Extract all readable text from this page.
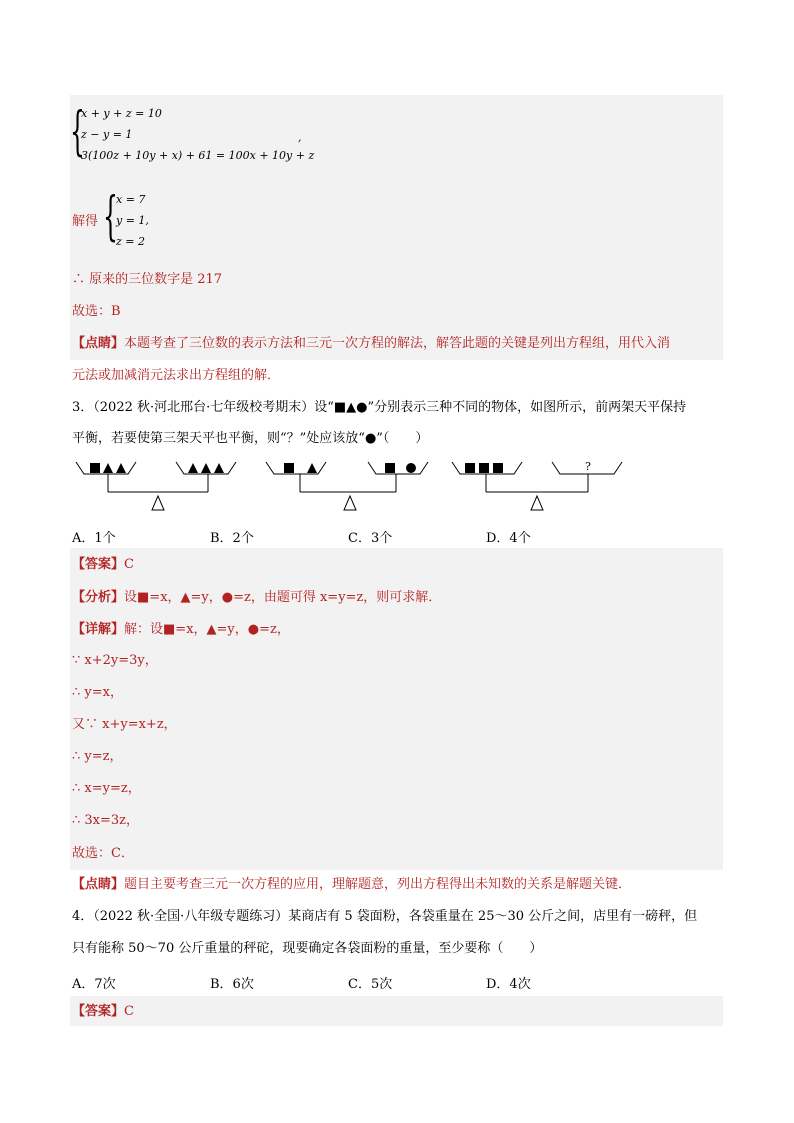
{
x + y + z = 10
z − y = 1
3(100z + 10y + x) + 61 = 100x + 10y + z
,
解得 {
x = 7
y = 1,
z = 2
∴ 原来的三位数字是 217
故选：B
【点睛】本题考查了三位数的表示方法和三元一次方程的解法，解答此题的关键是列出方程组，用代入消
元法或加减消元法求出方程组的解．
3．（2022 秋·河北邢台·七年级校考期末）设“■▲●”分别表示三种不同的物体，如图所示，前两架天平保持
平衡，若要使第三架天平也平衡，则“？”处应该放“●”（　　）
?
A．1个	B．2个	C．3个	D．4个
【答案】C
【分析】设■=x，▲=y，●=z，由题可得 x=y=z，则可求解．
【详解】解：设■=x，▲=y，●=z，
∵ x+2y=3y，
∴ y=x，
又∵ x+y=x+z，
∴ y=z，
∴ x=y=z，
∴ 3x=3z，
故选：C．
【点睛】题目主要考查三元一次方程的应用，理解题意，列出方程得出未知数的关系是解题关键．
4．（2022 秋·全国·八年级专题练习）某商店有 5 袋面粉，各袋重量在 25～30 公斤之间，店里有一磅秤，但
只有能称 50～70 公斤重量的秤砣，现要确定各袋面粉的重量，至少要称（　　）
A．7次	B．6次	C．5次	D．4次
【答案】C
